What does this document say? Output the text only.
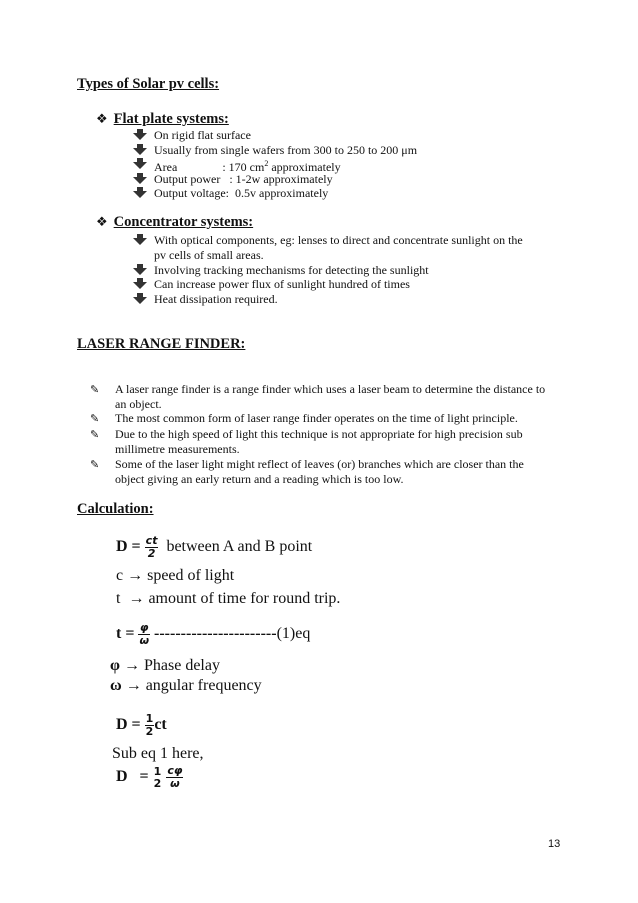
Types of Solar pv cells:
❖ Flat plate systems:
On rigid flat surface
Usually from single wafers from 300 to 250 to 200 μm
Area               : 170 $cm^2$ approximately
Output power   : 1-2w approximately
Output voltage:  0.5v approximately
❖ Concentrator systems:
With optical components, eg: lenses to direct and concentrate sunlight on the
pv cells of small areas.
Involving tracking mechanisms for detecting the sunlight
Can increase power flux of sunlight hundred of times
Heat dissipation required.
LASER RANGE FINDER:
✎ A laser range finder is a range finder which uses a laser beam to determine the distance to an object.
✎ The most common form of laser range finder operates on the time of light principle.
✎ Due to the high speed of light this technique is not appropriate for high precision sub millimetre measurements.
✎ Some of the laser light might reflect of leaves (or) branches which are closer than the object giving an early return and a reading which is too low.
Calculation:
$D = \frac{ct}{2}$ between A and B point
c → speed of light
t  → amount of time for round trip.
$t = \frac{\varphi}{\omega} -----------------------(1)eq$
φ → Phase delay
ω → angular frequency
$D = \frac{1}{2}$ ct
Sub eq 1 here,
D   = 1
2
$\frac{c\varphi}{\omega}$
13
